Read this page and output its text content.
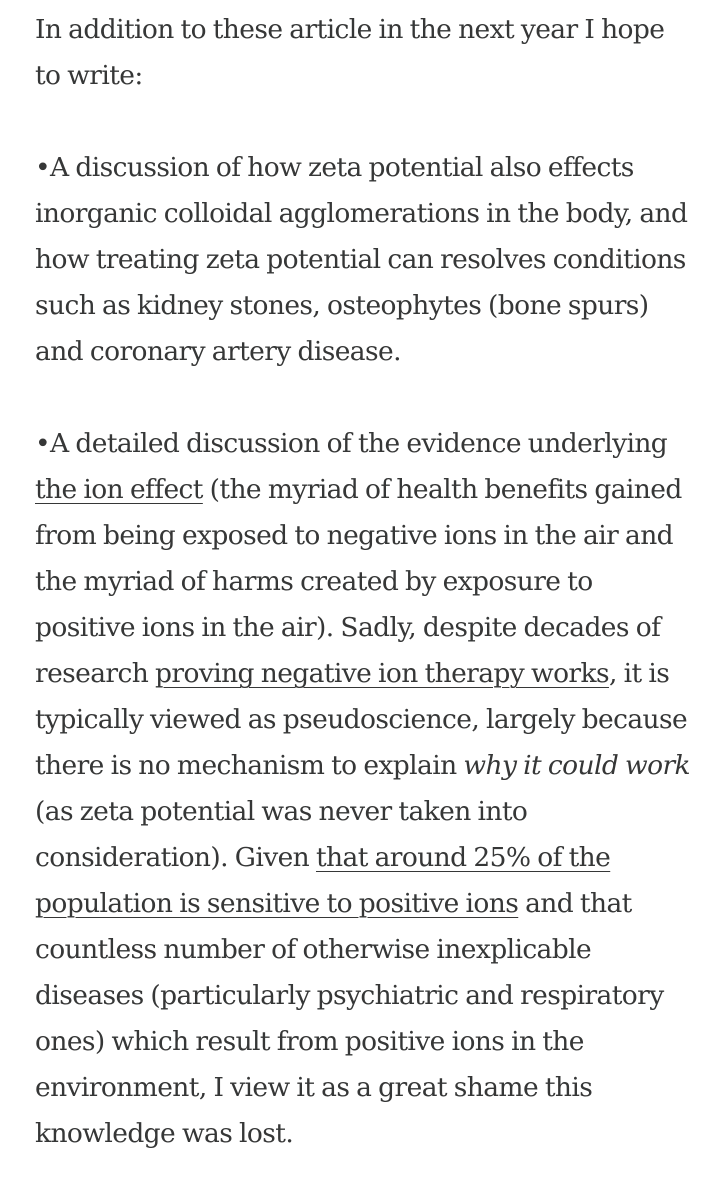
In addition to these article in the next year I hope to write:

•A discussion of how zeta potential also effects inorganic colloidal agglomerations in the body, and how treating zeta potential can resolves conditions such as kidney stones, osteophytes (bone spurs) and coronary artery disease.

•A detailed discussion of the evidence underlying the ion effect (the myriad of health benefits gained from being exposed to negative ions in the air and the myriad of harms created by exposure to positive ions in the air). Sadly, despite decades of research proving negative ion therapy works, it is typically viewed as pseudoscience, largely because there is no mechanism to explain why it could work (as zeta potential was never taken into consideration). Given that around 25% of the population is sensitive to positive ions and that countless number of otherwise inexplicable diseases (particularly psychiatric and respiratory ones) which result from positive ions in the environment, I view it as a great shame this knowledge was lost.
